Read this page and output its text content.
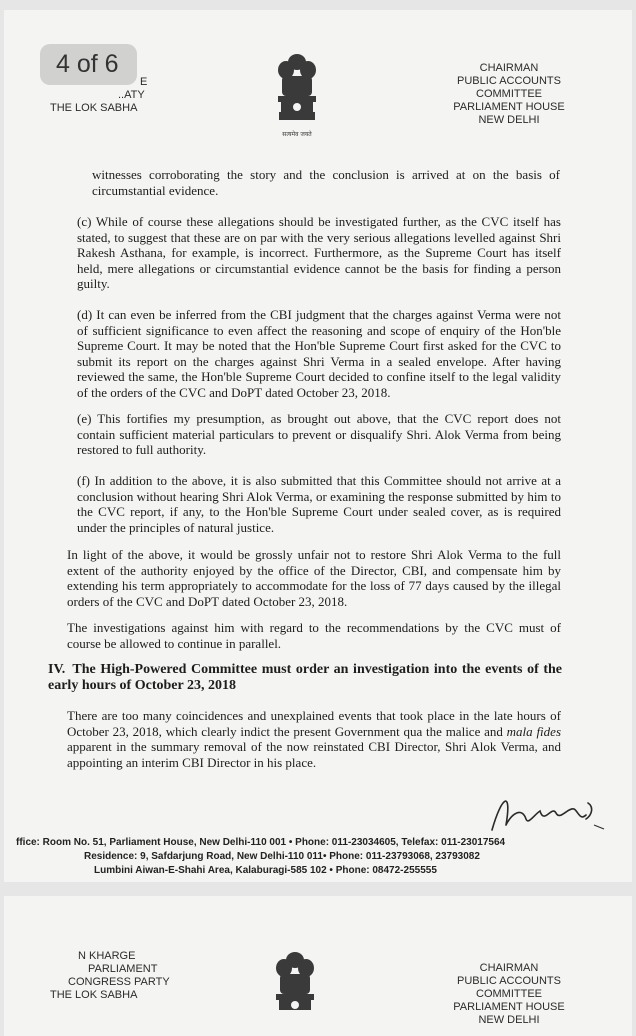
E
..ATY
THE LOK SABHA
सत्यमेव जयते
CHAIRMAN
PUBLIC ACCOUNTS COMMITTEE
PARLIAMENT HOUSE
NEW DELHI

witnesses corroborating the story and the conclusion is arrived at on the basis of circumstantial evidence.

(c) While of course these allegations should be investigated further, as the CVC itself has stated, to suggest that these are on par with the very serious allegations levelled against Shri Rakesh Asthana, for example, is incorrect. Furthermore, as the Supreme Court has itself held, mere allegations or circumstantial evidence cannot be the basis for finding a person guilty.

(d) It can even be inferred from the CBI judgment that the charges against Verma were not of sufficient significance to even affect the reasoning and scope of enquiry of the Hon'ble Supreme Court. It may be noted that the Hon'ble Supreme Court first asked for the CVC to submit its report on the charges against Shri Verma in a sealed envelope. After having reviewed the same, the Hon'ble Supreme Court decided to confine itself to the legal validity of the orders of the CVC and DoPT dated October 23, 2018.

(e) This fortifies my presumption, as brought out above, that the CVC report does not contain sufficient material particulars to prevent or disqualify Shri. Alok Verma from being restored to full authority.

(f) In addition to the above, it is also submitted that this Committee should not arrive at a conclusion without hearing Shri Alok Verma, or examining the response submitted by him to the CVC report, if any, to the Hon'ble Supreme Court under sealed cover, as is required under the principles of natural justice.

In light of the above, it would be grossly unfair not to restore Shri Alok Verma to the full extent of the authority enjoyed by the office of the Director, CBI, and compensate him by extending his term appropriately to accommodate for the loss of 77 days caused by the illegal orders of the CVC and DoPT dated October 23, 2018.

The investigations against him with regard to the recommendations by the CVC must of course be allowed to continue in parallel.

IV. The High-Powered Committee must order an investigation into the events of the early hours of October 23, 2018

There are too many coincidences and unexplained events that took place in the late hours of October 23, 2018, which clearly indict the present Government qua the malice and mala fides apparent in the summary removal of the now reinstated CBI Director, Shri Alok Verma, and appointing an interim CBI Director in his place.

ffice: Room No. 51, Parliament House, New Delhi-110 001 • Phone: 011-23034605, Telefax: 011-23017564
Residence: 9, Safdarjung Road, New Delhi-110 011• Phone: 011-23793068, 23793082
Lumbini Aiwan-E-Shahi Area, Kalaburagi-585 102 • Phone: 08472-255555
4 of 6
N KHARGE
PARLIAMENT
CONGRESS PARTY
THE LOK SABHA
CHAIRMAN
PUBLIC ACCOUNTS COMMITTEE
PARLIAMENT HOUSE
NEW DELHI
